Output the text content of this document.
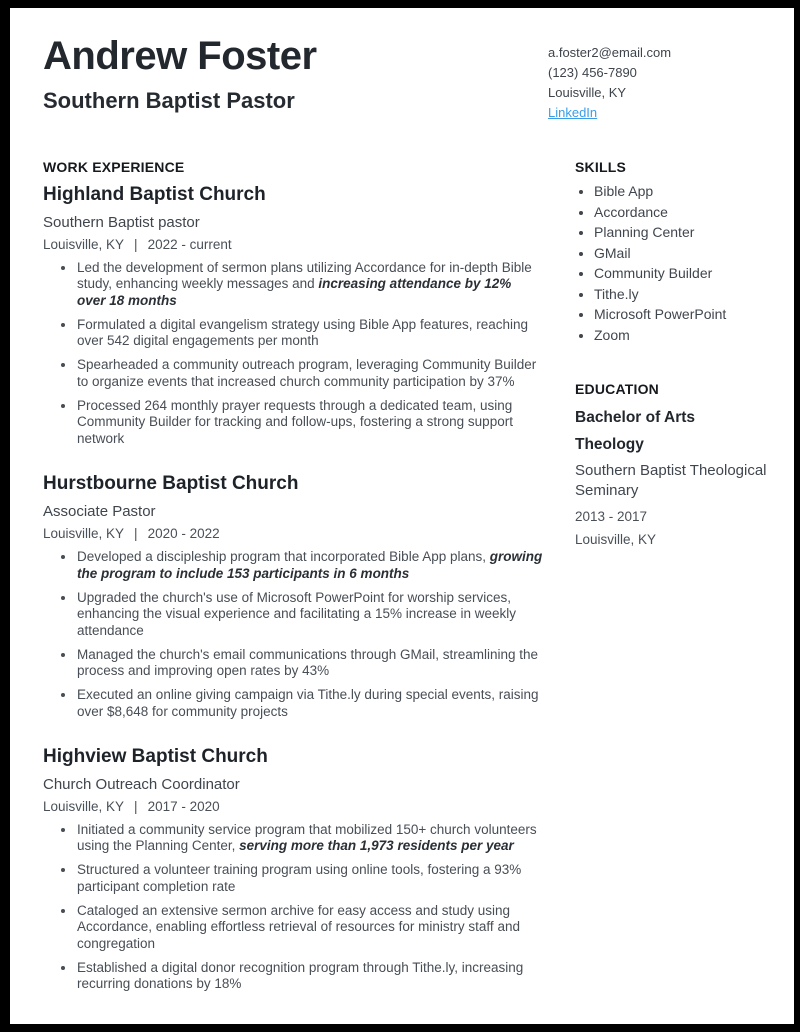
Andrew Foster
Southern Baptist Pastor
a.foster2@email.com
(123) 456-7890
Louisville, KY
LinkedIn
WORK EXPERIENCE
Highland Baptist Church
Southern Baptist pastor
Louisville, KY | 2022 - current
• Led the development of sermon plans utilizing Accordance for in-depth Bible study, enhancing weekly messages and increasing attendance by 12% over 18 months
• Formulated a digital evangelism strategy using Bible App features, reaching over 542 digital engagements per month
• Spearheaded a community outreach program, leveraging Community Builder to organize events that increased church community participation by 37%
• Processed 264 monthly prayer requests through a dedicated team, using Community Builder for tracking and follow-ups, fostering a strong support network
Hurstbourne Baptist Church
Associate Pastor
Louisville, KY | 2020 - 2022
• Developed a discipleship program that incorporated Bible App plans, growing the program to include 153 participants in 6 months
• Upgraded the church's use of Microsoft PowerPoint for worship services, enhancing the visual experience and facilitating a 15% increase in weekly attendance
• Managed the church's email communications through GMail, streamlining the process and improving open rates by 43%
• Executed an online giving campaign via Tithe.ly during special events, raising over $8,648 for community projects
Highview Baptist Church
Church Outreach Coordinator
Louisville, KY | 2017 - 2020
• Initiated a community service program that mobilized 150+ church volunteers using the Planning Center, serving more than 1,973 residents per year
• Structured a volunteer training program using online tools, fostering a 93% participant completion rate
• Cataloged an extensive sermon archive for easy access and study using Accordance, enabling effortless retrieval of resources for ministry staff and congregation
• Established a digital donor recognition program through Tithe.ly, increasing recurring donations by 18%
SKILLS
• Bible App
• Accordance
• Planning Center
• GMail
• Community Builder
• Tithe.ly
• Microsoft PowerPoint
• Zoom
EDUCATION
Bachelor of Arts
Theology
Southern Baptist Theological Seminary
2013 - 2017
Louisville, KY
